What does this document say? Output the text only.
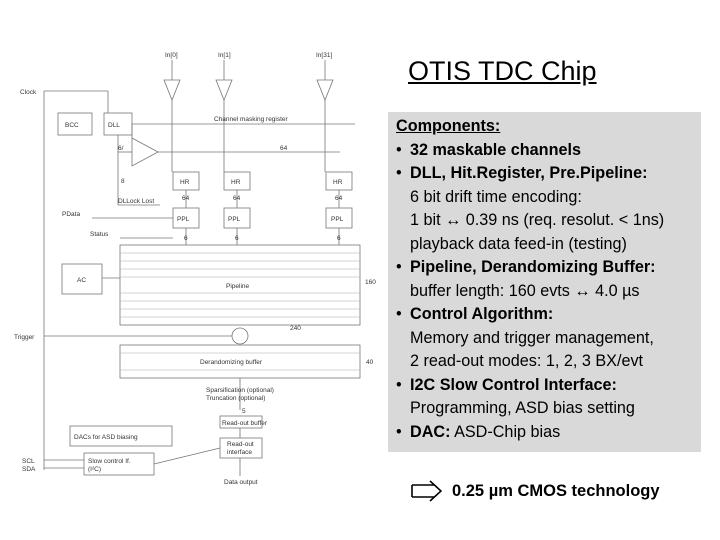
In[0]	In[1]	In[31]
Clock
BCC	DLL
Channel masking register
6/	64
8	HR	HR	HR
64	64	64
DLLock Lost
PData
PPL	PPL	PPL
6	6	6
Status
AC
Pipeline
160
240
40
Trigger
Derandomizing buffer
Sparsification (optional)
Truncation (optional)
5
Read-out buffer
Read-out
interface
DACs for ASD biasing
Slow control If.
(I²C)
SCL
SDA
Data output
OTIS TDC Chip
Components:
• 32 maskable channels
• DLL, Hit.Register, Pre.Pipeline:
6 bit drift time encoding:
1 bit ↔ 0.39 ns (req. resolut. < 1ns)
playback data feed-in (testing)
• Pipeline, Derandomizing Buffer:
buffer length: 160 evts ↔ 4.0 µs
• Control Algorithm:
Memory and trigger management,
2 read-out modes: 1, 2, 3 BX/evt
• I2C Slow Control Interface:
Programming, ASD bias setting
• DAC: ASD-Chip bias
0.25 µm CMOS technology
